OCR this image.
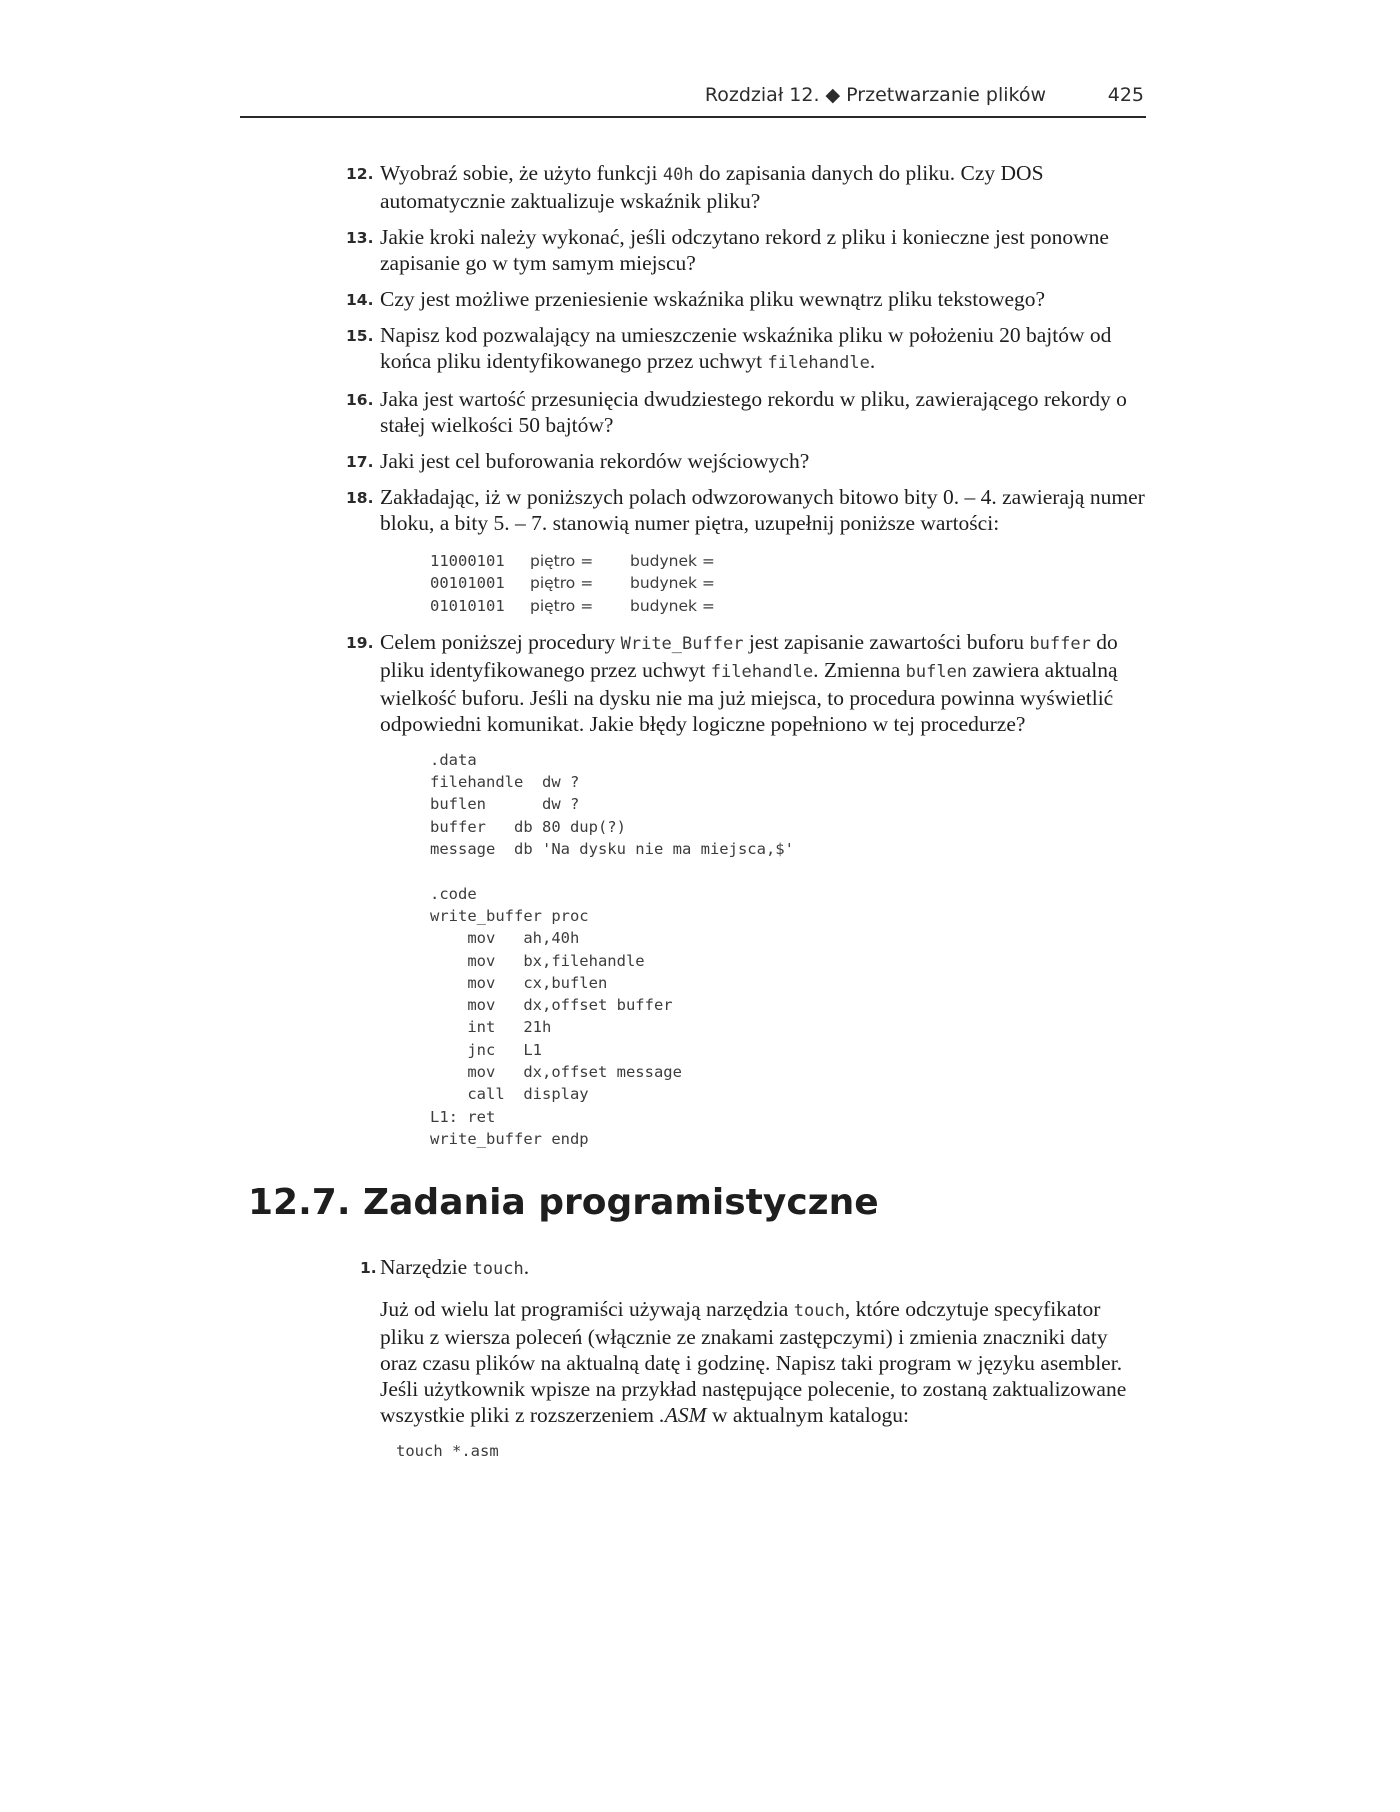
Rozdział 12. ◆ Przetwarzanie plików	425
12. Wyobraź sobie, że użyto funkcji 40h do zapisania danych do pliku. Czy DOS automatycznie zaktualizuje wskaźnik pliku?
13. Jakie kroki należy wykonać, jeśli odczytano rekord z pliku i konieczne jest ponowne zapisanie go w tym samym miejscu?
14. Czy jest możliwe przeniesienie wskaźnika pliku wewnątrz pliku tekstowego?
15. Napisz kod pozwalający na umieszczenie wskaźnika pliku w położeniu 20 bajtów od końca pliku identyfikowanego przez uchwyt filehandle.
16. Jaka jest wartość przesunięcia dwudziestego rekordu w pliku, zawierającego rekordy o stałej wielkości 50 bajtów?
17. Jaki jest cel buforowania rekordów wejściowych?
18. Zakładając, iż w poniższych polach odwzorowanych bitowo bity 0. – 4. zawierają numer bloku, a bity 5. – 7. stanowią numer piętra, uzupełnij poniższe wartości:
11000101	piętro =	budynek =
00101001	piętro =	budynek =
01010101	piętro =	budynek =
19. Celem poniższej procedury Write_Buffer jest zapisanie zawartości buforu buffer do pliku identyfikowanego przez uchwyt filehandle. Zmienna buflen zawiera aktualną wielkość buforu. Jeśli na dysku nie ma już miejsca, to procedura powinna wyświetlić odpowiedni komunikat. Jakie błędy logiczne popełniono w tej procedurze?
.data
filehandle  dw ?
buflen      dw ?
buffer   db 80 dup(?)
message  db 'Na dysku nie ma miejsca,$'
.code
write_buffer proc
mov   ah,40h
mov   bx,filehandle
mov   cx,buflen
mov   dx,offset buffer
int   21h
jnc   L1
mov   dx,offset message
call  display
L1: ret
write_buffer endp
12.7. Zadania programistyczne
1. Narzędzie touch.
Już od wielu lat programiści używają narzędzia touch, które odczytuje specyfikator pliku z wiersza poleceń (włącznie ze znakami zastępczymi) i zmienia znaczniki daty oraz czasu plików na aktualną datę i godzinę. Napisz taki program w języku asembler. Jeśli użytkownik wpisze na przykład następujące polecenie, to zostaną zaktualizowane wszystkie pliki z rozszerzeniem .ASM w aktualnym katalogu:
touch *.asm
